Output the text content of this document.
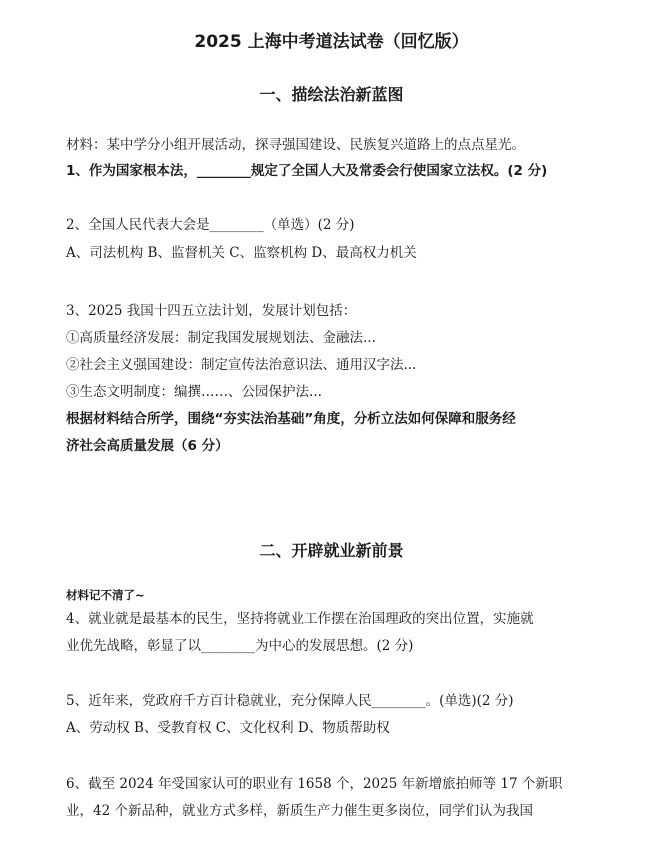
2025 上海中考道法试卷（回忆版）
一、描绘法治新蓝图
材料：某中学分小组开展活动，探寻强国建设、民族复兴道路上的点点星光。
1、作为国家根本法，________规定了全国人大及常委会行使国家立法权。(2 分)
2、全国人民代表大会是________（单选）(2 分)
A、司法机构 B、监督机关 C、监察机构 D、最高权力机关
3、2025 我国十四五立法计划，发展计划包括：
①高质量经济发展：制定我国发展规划法、金融法...
②社会主义强国建设：制定宣传法治意识法、通用汉字法...
③生态文明制度：编撰……、公园保护法...
根据材料结合所学，围绕“夯实法治基础”角度，分析立法如何保障和服务经
济社会高质量发展（6 分）
二、开辟就业新前景
材料记不清了~
4、就业就是最基本的民生，坚持将就业工作摆在治国理政的突出位置，实施就
业优先战略，彰显了以________为中心的发展思想。(2 分)
5、近年来，党政府千方百计稳就业，充分保障人民________。(单选)(2 分)
A、劳动权 B、受教育权 C、文化权利 D、物质帮助权
6、截至 2024 年受国家认可的职业有 1658 个，2025 年新增旅拍师等 17 个新职
业，42 个新品种，就业方式多样，新质生产力催生更多岗位，同学们认为我国
